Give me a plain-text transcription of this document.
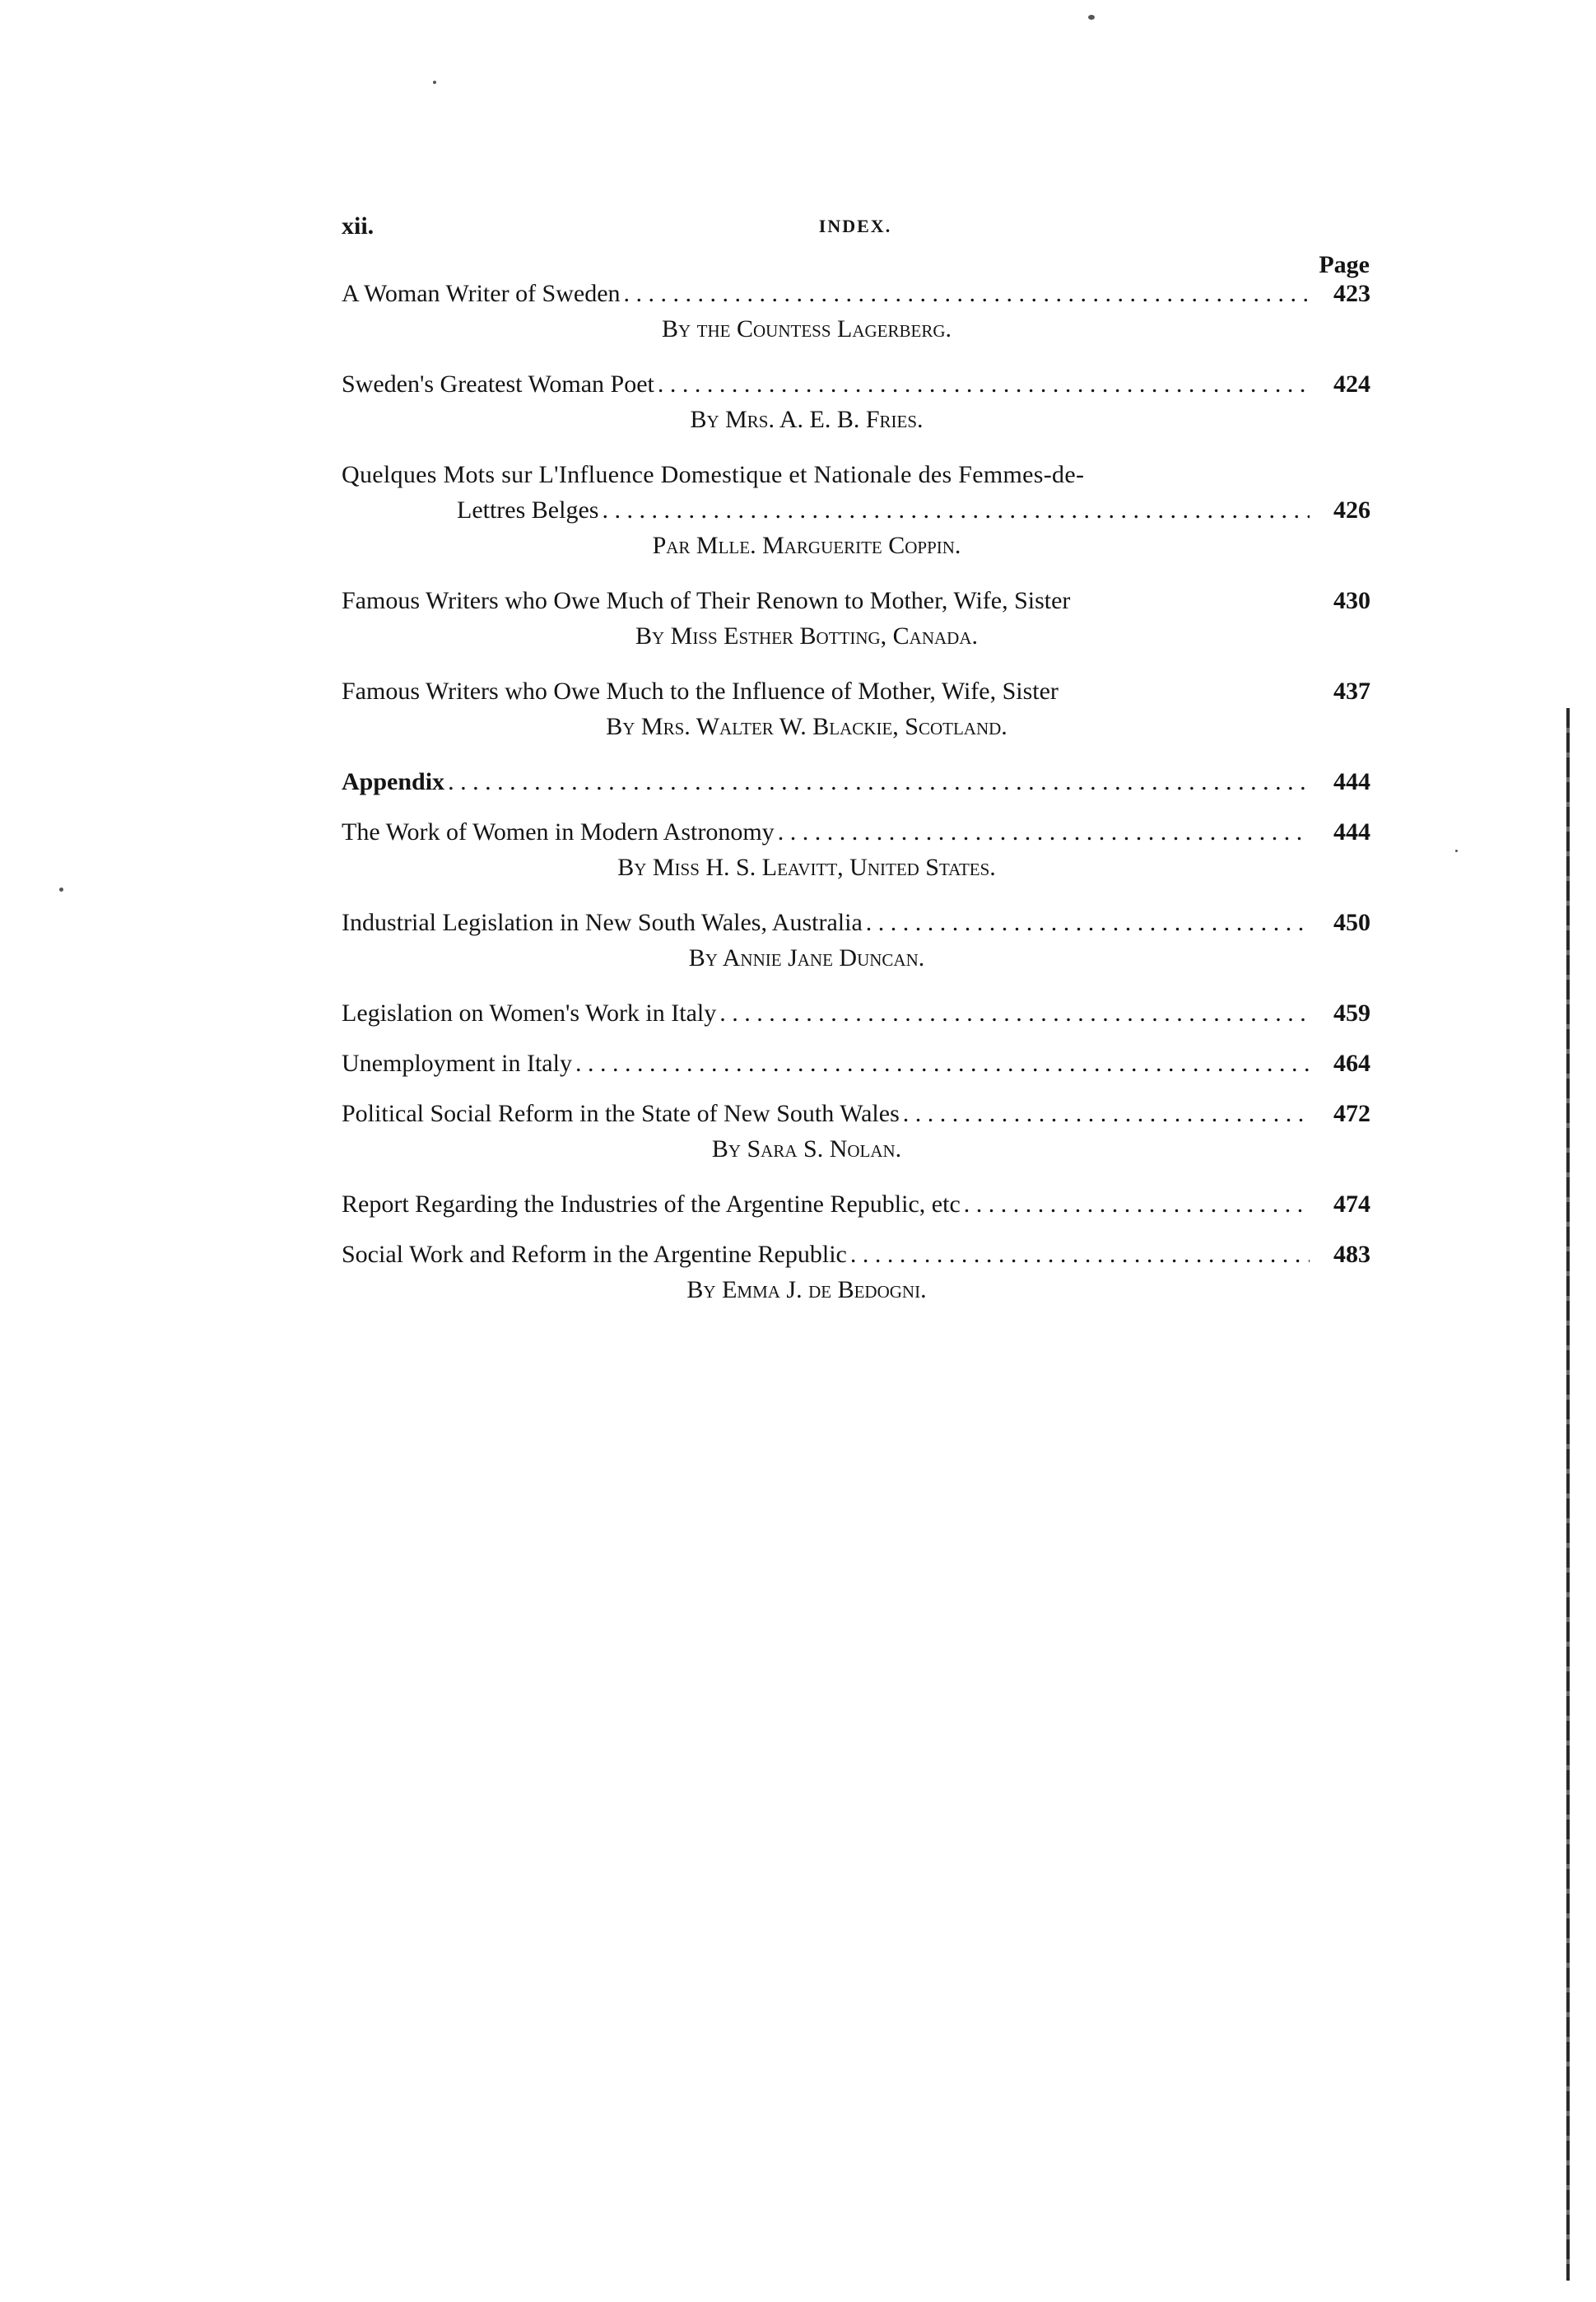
xii.	INDEX.
Page
A Woman Writer of Sweden . . .	423
By the Countess Lagerberg.
Sweden's Greatest Woman Poet . . .	424
By Mrs. A. E. B. Fries.
Quelques Mots sur L'Influence Domestique et Nationale des Femmes-de-
Lettres Belges . . .	426
Par Mlle. Marguerite Coppin.
Famous Writers who Owe Much of Their Renown to Mother, Wife, Sister	430
By Miss Esther Botting, Canada.
Famous Writers who Owe Much to the Influence of Mother, Wife, Sister	437
By Mrs. Walter W. Blackie, Scotland.
Appendix . . .	444
The Work of Women in Modern Astronomy . . .	444
By Miss H. S. Leavitt, United States.
Industrial Legislation in New South Wales, Australia . . .	450
By Annie Jane Duncan.
Legislation on Women's Work in Italy . . .	459
Unemployment in Italy . . .	464
Political Social Reform in the State of New South Wales . . .	472
By Sara S. Nolan.
Report Regarding the Industries of the Argentine Republic, etc . . .	474
Social Work and Reform in the Argentine Republic . . .	483
By Emma J. de Bedogni.
